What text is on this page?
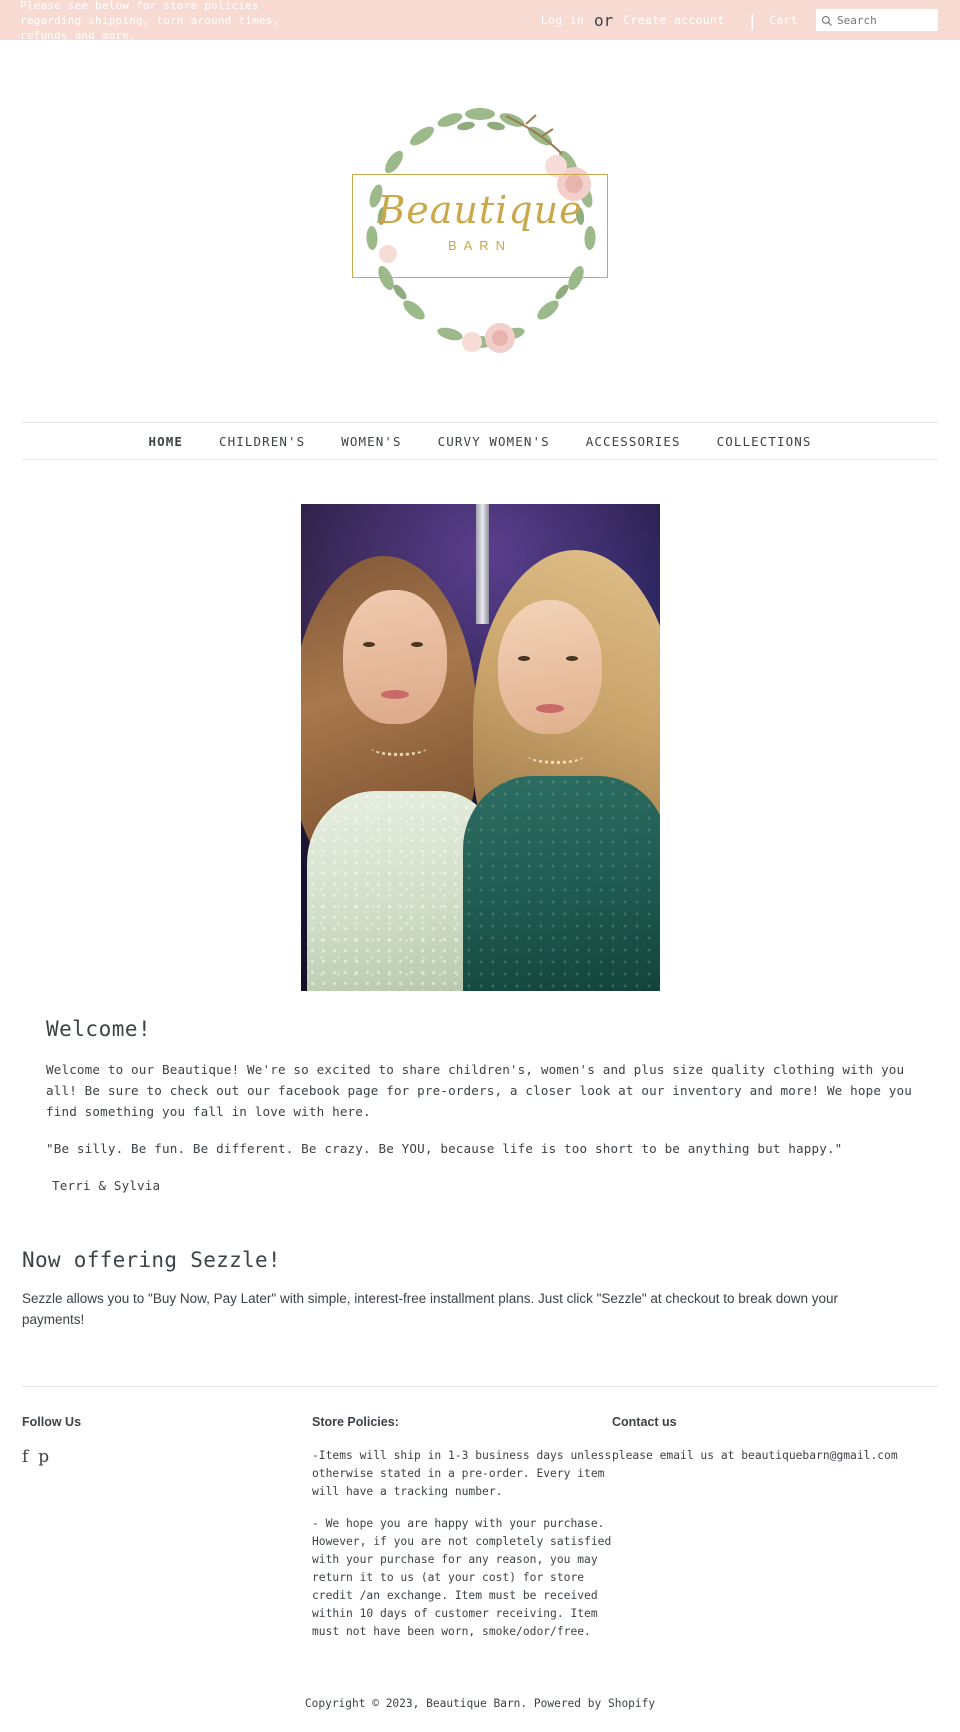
Please see below for store policies regarding shipping, turn around times, refunds and more.
Log in or Create account | Cart
Search
Beautique
BARN
HOME	CHILDREN'S	WOMEN'S	CURVY WOMEN'S	ACCESSORIES	COLLECTIONS
Welcome!

Welcome to our Beautique! We're so excited to share children's, women's and plus size quality clothing with you all! Be sure to check out our facebook page for pre-orders, a closer look at our inventory and more! We hope you find something you fall in love with here.

"Be silly. Be fun. Be different. Be crazy. Be YOU, because life is too short to be anything but happy."

Terri & Sylvia

Now offering Sezzle!

Sezzle allows you to "Buy Now, Pay Later" with simple, interest-free installment plans. Just click "Sezzle" at checkout to break down your payments!

Follow Us
f p
Store Policies:

-Items will ship in 1-3 business days unless otherwise stated in a pre-order. Every item will have a tracking number.

- We hope you are happy with your purchase. However, if you are not completely satisfied with your purchase for any reason, you may return it to us (at your cost) for store credit /an exchange. Item must be received within 10 days of customer receiving. Item must not have been worn, smoke/odor/free.

Contact us
please email us at beautiquebarn@gmail.com
Copyright © 2023, Beautique Barn. Powered by Shopify
